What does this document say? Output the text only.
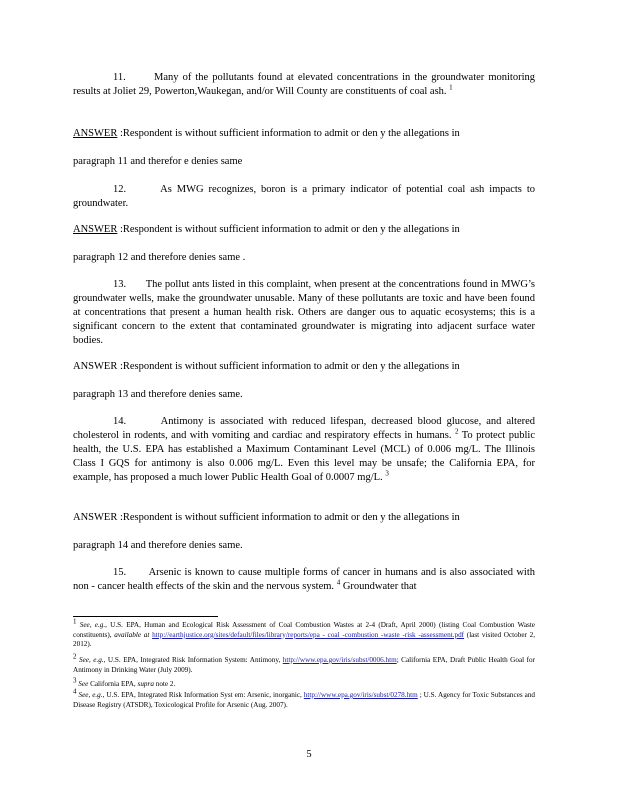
11.	Many of the pollutants found at elevated concentrations in the groundwater monitoring results at Joliet 29, Powerton,Waukegan, and/or Will County are constituents of coal ash. $^1$

ANSWER :Respondent is without sufficient information to admit or den y the allegations in
paragraph 11 and therefor e denies same

12.	As MWG recognizes, boron is a primary indicator of potential coal ash impacts to groundwater.

ANSWER :Respondent is without sufficient information to admit or den y the allegations in
paragraph 12 and therefore denies same .

13. The pollut ants listed in this complaint, when present at the concentrations found in MWG’s groundwater wells, make the groundwater unusable. Many of these pollutants are toxic and have been found at concentrations that present a human health risk. Others are danger ous to aquatic ecosystems; this is a significant concern to the extent that contaminated groundwater is migrating into adjacent surface water bodies.

ANSWER :Respondent is without sufficient information to admit or den y the allegations in
paragraph 13 and therefore denies same.

14.	Antimony is associated with reduced lifespan, decreased blood glucose, and altered cholesterol in rodents, and with vomiting and cardiac and respiratory effects in humans. $^2$ To protect public health, the U.S. EPA has established a Maximum Contaminant Level (MCL) of 0.006 mg/L. The Illinois Class I GQS for antimony is also 0.006 mg/L. Even this level may be unsafe; the California EPA, for example, has proposed a much lower Public Health Goal of 0.0007 mg/L. $^3$

ANSWER :Respondent is without sufficient information to admit or den y the allegations in
paragraph 14 and therefore denies same.

15. Arsenic is known to cause multiple forms of cancer in humans and is also associated with non - cancer health effects of the skin and the nervous system. $^4$ Groundwater that

$^1$ See, e.g., U.S. EPA, Human and Ecological Risk Assessment of Coal Combustion Wastes at 2-4 (Draft, April 2000) (listing Coal Combustion Waste constituents), available at http://earthjustice.org/sites/default/files/library/reports/epa - coal -combustion -waste -risk -assessment.pdf (last visited October 2, 2012).
$^2$ See, e.g., U.S. EPA, Integrated Risk Information System: Antimony, http://www.epa.gov/iris/subst/0006.htm; California EPA, Draft Public Health Goal for Antimony in Drinking Water (July 2009).
$^3$ See California EPA, supra note 2.
$^4$ See, e.g., U.S. EPA, Integrated Risk Information Syst em: Arsenic, inorganic, http://www.epa.gov/iris/subst/0278.htm ; U.S. Agency for Toxic Substances and Disease Registry (ATSDR), Toxicological Profile for Arsenic (Aug. 2007).
5
